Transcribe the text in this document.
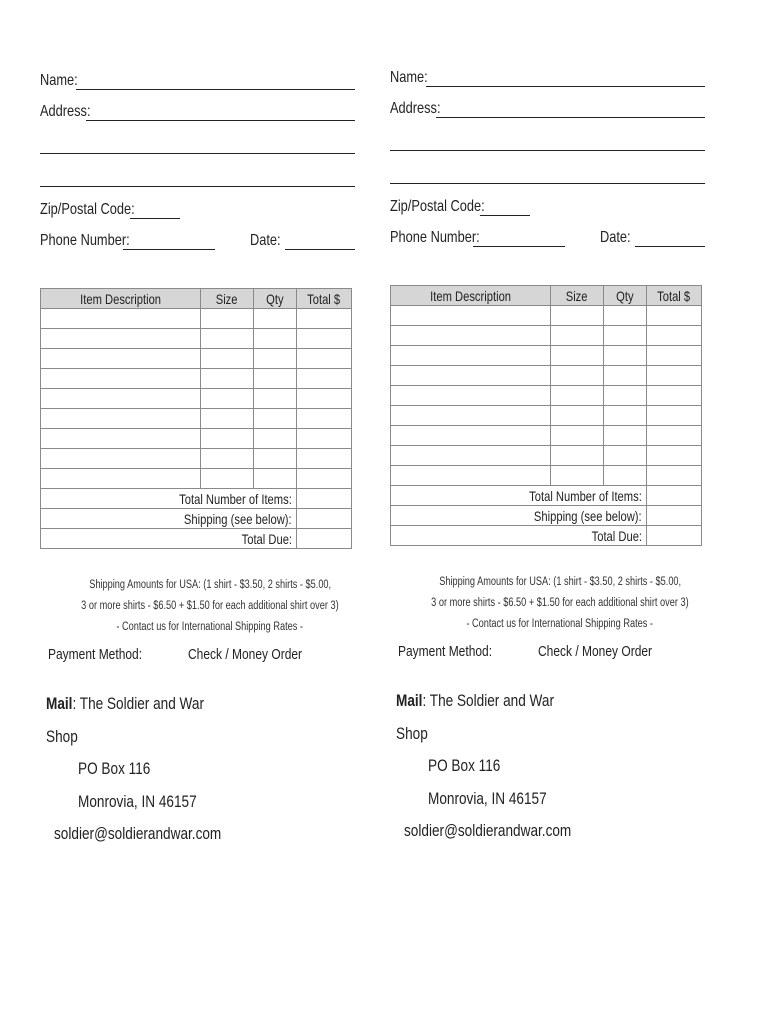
Name:
Address:
Zip/Postal Code:
Phone Number:	Date:
Item Description	Size	Qty	Total $

Total Number of Items:			
Shipping (see below):			
Total Due:			
Shipping Amounts for USA: (1 shirt - $3.50, 2 shirts - $5.00,
3 or more shirts - $6.50 + $1.50 for each additional shirt over 3)
- Contact us for International Shipping Rates -
Payment Method:	Check / Money Order
Mail: The Soldier and War
Shop
PO Box 116
Monrovia, IN 46157
soldier@soldierandwar.com
Name:
Address:
Zip/Postal Code:
Phone Number:	Date:
Item Description	Size	Qty	Total $

Total Number of Items:			
Shipping (see below):			
Total Due:			
Shipping Amounts for USA: (1 shirt - $3.50, 2 shirts - $5.00,
3 or more shirts - $6.50 + $1.50 for each additional shirt over 3)
- Contact us for International Shipping Rates -
Payment Method:	Check / Money Order
Mail: The Soldier and War
Shop
PO Box 116
Monrovia, IN 46157
soldier@soldierandwar.com
